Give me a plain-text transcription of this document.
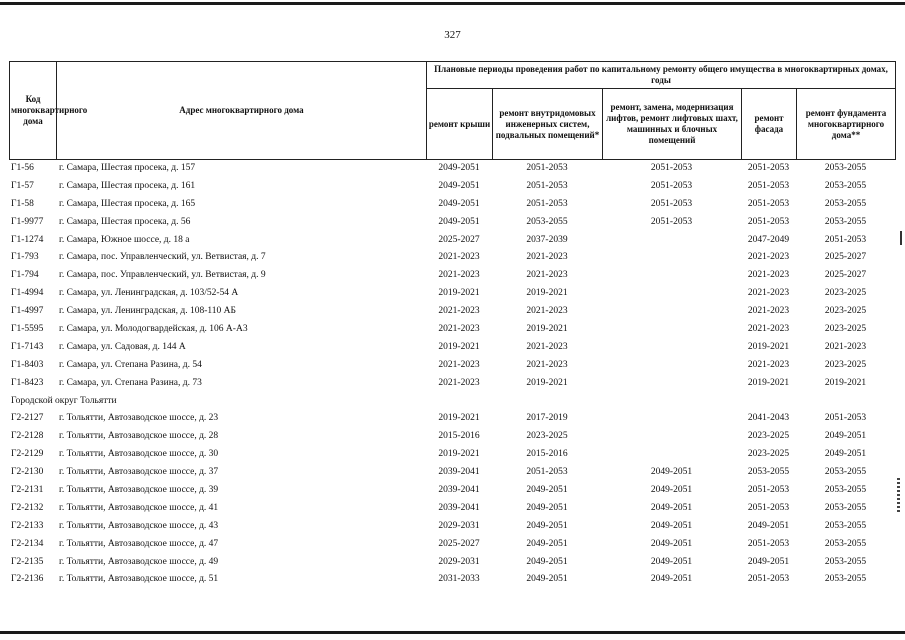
327
Код многоквартирного дома	Адрес многоквартирного дома	Плановые периоды проведения работ по капитальному ремонту общего имущества в многоквартирных домах, годы				
		ремонт крыши	ремонт внутридомовых инженерных систем, подвальных помещений*	ремонт, замена, модернизация лифтов, ремонт лифтовых шахт, машинных и блочных помещений	ремонт фасада	ремонт фундамента многоквартирного дома**
Г1-56	г. Самара, Шестая просека, д. 157	2049-2051	2051-2053	2051-2053	2051-2053	2053-2055
Г1-57	г. Самара, Шестая просека, д. 161	2049-2051	2051-2053	2051-2053	2051-2053	2053-2055
Г1-58	г. Самара, Шестая просека, д. 165	2049-2051	2051-2053	2051-2053	2051-2053	2053-2055
Г1-9977	г. Самара, Шестая просека, д. 56	2049-2051	2053-2055	2051-2053	2051-2053	2053-2055
Г1-1274	г. Самара, Южное шоссе, д. 18 а	2025-2027	2037-2039		2047-2049	2051-2053
Г1-793	г. Самара, пос. Управленческий, ул. Ветвистая, д. 7	2021-2023	2021-2023		2021-2023	2025-2027
Г1-794	г. Самара, пос. Управленческий, ул. Ветвистая, д. 9	2021-2023	2021-2023		2021-2023	2025-2027
Г1-4994	г. Самара, ул. Ленинградская, д. 103/52-54 А	2019-2021	2019-2021		2021-2023	2023-2025
Г1-4997	г. Самара, ул. Ленинградская, д. 108-110 АБ	2021-2023	2021-2023		2021-2023	2023-2025
Г1-5595	г. Самара, ул. Молодогвардейская, д. 106 А-А3	2021-2023	2019-2021		2021-2023	2023-2025
Г1-7143	г. Самара, ул. Садовая, д. 144 А	2019-2021	2021-2023		2019-2021	2021-2023
Г1-8403	г. Самара, ул. Степана Разина, д. 54	2021-2023	2021-2023		2021-2023	2023-2025
Г1-8423	г. Самара, ул. Степана Разина, д. 73	2021-2023	2019-2021		2019-2021	2019-2021
Городской округ Тольятти						
Г2-2127	г. Тольятти, Автозаводское шоссе, д. 23	2019-2021	2017-2019		2041-2043	2051-2053
Г2-2128	г. Тольятти, Автозаводское шоссе, д. 28	2015-2016	2023-2025		2023-2025	2049-2051
Г2-2129	г. Тольятти, Автозаводское шоссе, д. 30	2019-2021	2015-2016		2023-2025	2049-2051
Г2-2130	г. Тольятти, Автозаводское шоссе, д. 37	2039-2041	2051-2053	2049-2051	2053-2055	2053-2055
Г2-2131	г. Тольятти, Автозаводское шоссе, д. 39	2039-2041	2049-2051	2049-2051	2051-2053	2053-2055
Г2-2132	г. Тольятти, Автозаводское шоссе, д. 41	2039-2041	2049-2051	2049-2051	2051-2053	2053-2055
Г2-2133	г. Тольятти, Автозаводское шоссе, д. 43	2029-2031	2049-2051	2049-2051	2049-2051	2053-2055
Г2-2134	г. Тольятти, Автозаводское шоссе, д. 47	2025-2027	2049-2051	2049-2051	2051-2053	2053-2055
Г2-2135	г. Тольятти, Автозаводское шоссе, д. 49	2029-2031	2049-2051	2049-2051	2049-2051	2053-2055
Г2-2136	г. Тольятти, Автозаводское шоссе, д. 51	2031-2033	2049-2051	2049-2051	2051-2053	2053-2055
